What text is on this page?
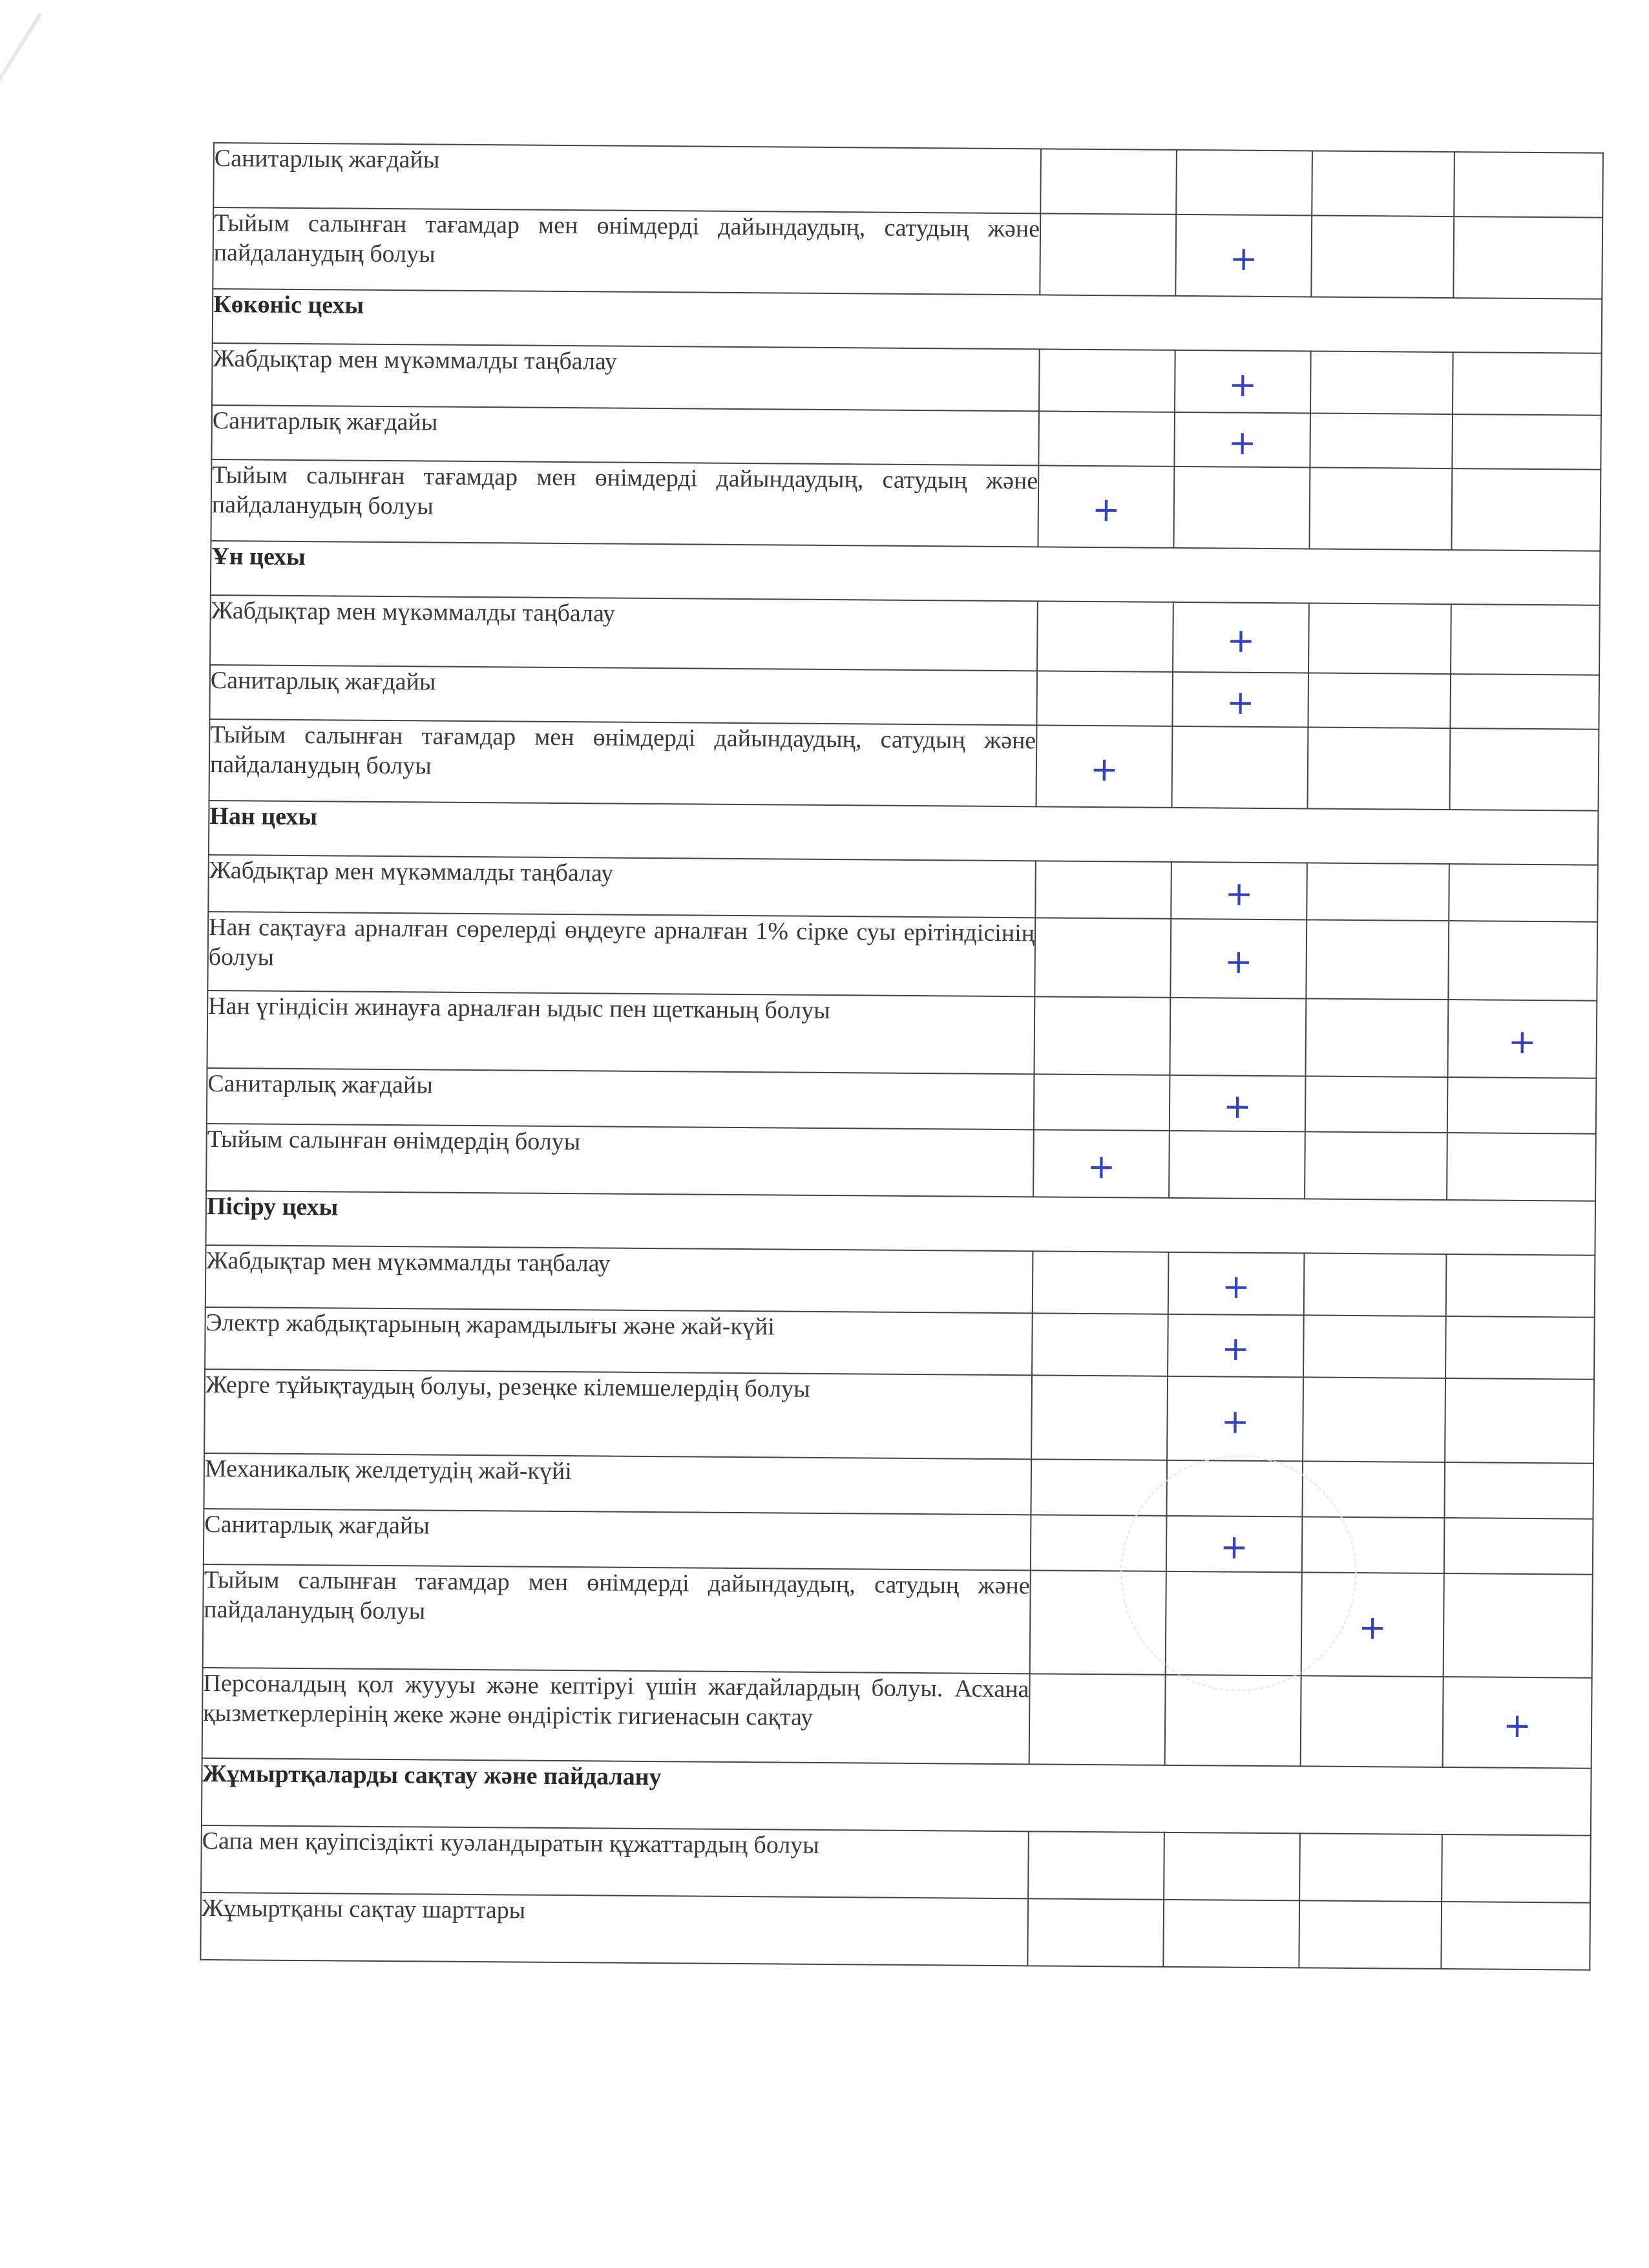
Санитарлық жағдайы	

Тыйым салынған тағамдар мен өнімдерді дайындаудың, сатудың және пайдаланудың болуы		+		

Көкөніс цехы				
Жабдықтар мен мүкәммалды таңбалау		+		

Санитарлық жағдайы		+		

Тыйым салынған тағамдар мен өнімдерді дайындаудың, сатудың және пайдаланудың болуы	+			

Ұн цехы				
Жабдықтар мен мүкәммалды таңбалау		+		

Санитарлық жағдайы		+		

Тыйым салынған тағамдар мен өнімдерді дайындаудың, сатудың және пайдаланудың болуы	+			

Нан цехы				
Жабдықтар мен мүкәммалды таңбалау		+		

Нан сақтауға арналған сөрелерді өңдеуге арналған 1% сірке суы ерітіндісінің болуы		+		

Нан үгіндісін жинауға арналған ыдыс пен щетканың болуы				+

Санитарлық жағдайы		+		

Тыйым салынған өнімдердің болуы	+			

Пісіру цехы				
Жабдықтар мен мүкәммалды таңбалау		+		

Электр жабдықтарының жарамдылығы және жай-күйі		+		

Жерге тұйықтаудың болуы, резеңке кілемшелердің болуы		+		

Механикалық желдетудің жай-күйі	

Санитарлық жағдайы		+		

Тыйым салынған тағамдар мен өнімдерді дайындаудың, сатудың және пайдаланудың болуы			+	

Персоналдың қол жуууы және кептіруі үшін жағдайлардың болуы. Асхана қызметкерлерінің жеке және өндірістік гигиенасын сақтау				+

Жұмыртқаларды сақтау және пайдалану				
Сапа мен қауіпсіздікті куәландыратын құжаттардың болуы	

Жұмыртқаны сақтау шарттары	
